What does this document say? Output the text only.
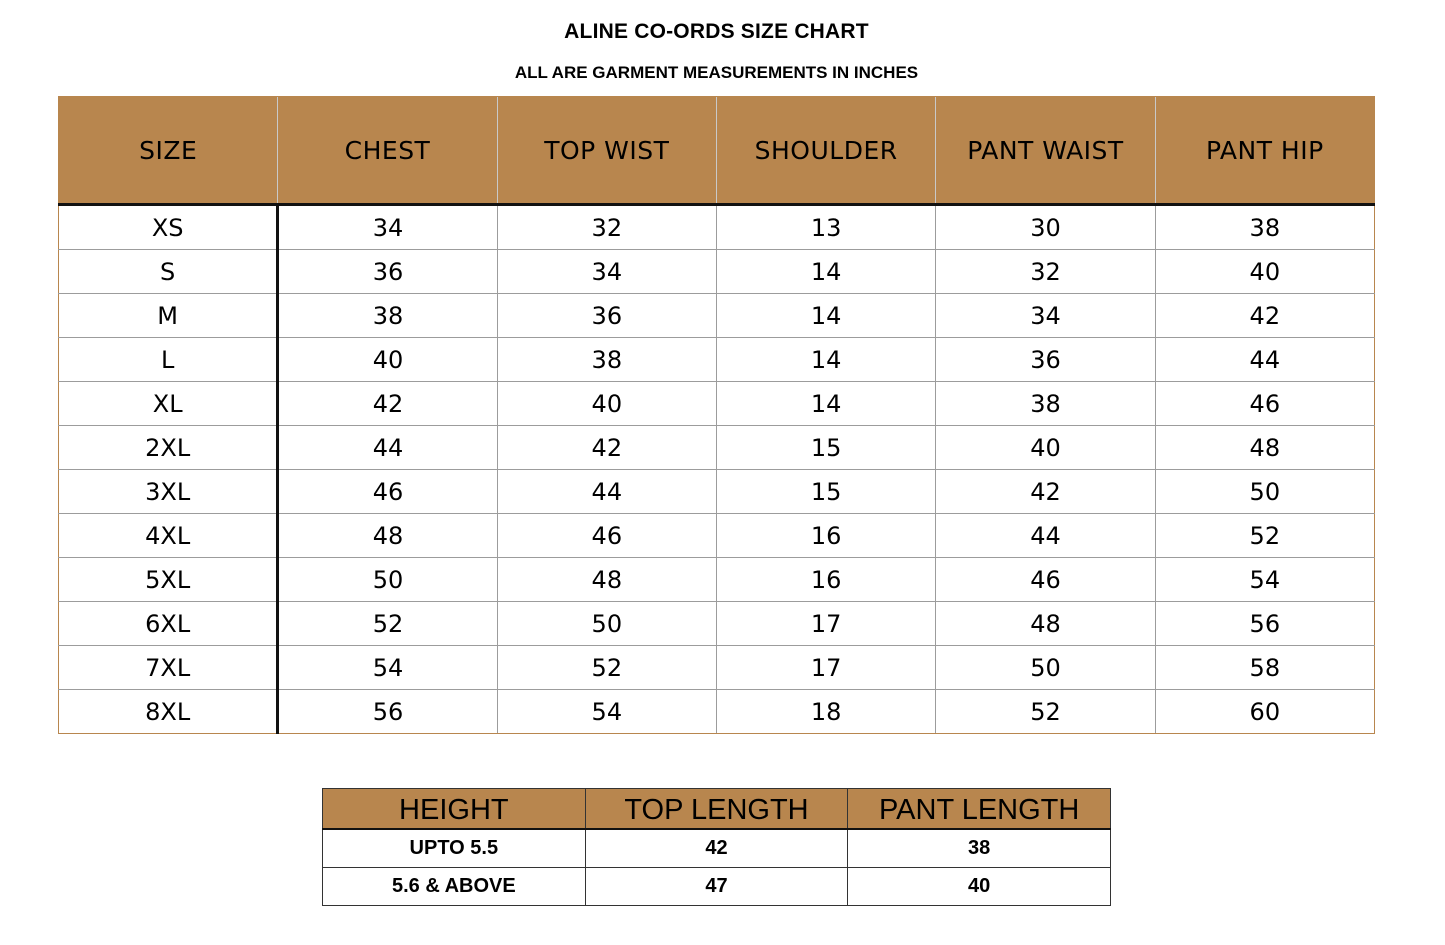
ALINE CO-ORDS SIZE CHART
ALL ARE GARMENT MEASUREMENTS IN INCHES
SIZE	CHEST	TOP WIST	SHOULDER	PANT WAIST	PANT HIP
XS	34	32	13	30	38
S	36	34	14	32	40
M	38	36	14	34	42
L	40	38	14	36	44
XL	42	40	14	38	46
2XL	44	42	15	40	48
3XL	46	44	15	42	50
4XL	48	46	16	44	52
5XL	50	48	16	46	54
6XL	52	50	17	48	56
7XL	54	52	17	50	58
8XL	56	54	18	52	60
HEIGHT	TOP LENGTH	PANT LENGTH
UPTO 5.5	42	38
5.6 & ABOVE	47	40
